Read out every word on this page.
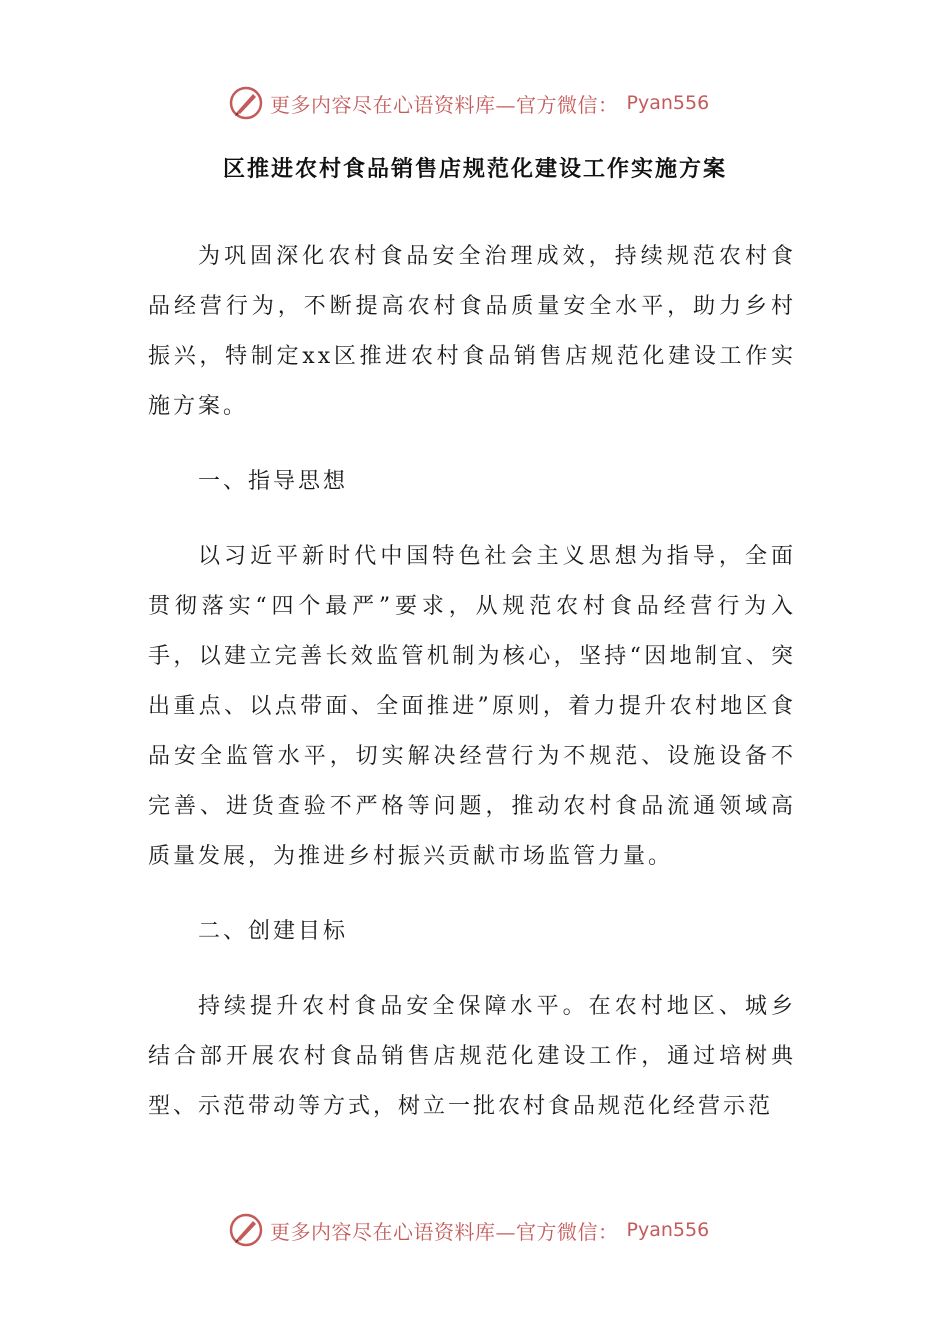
更多内容尽在心语资料库—官方微信： Pyan556
区推进农村食品销售店规范化建设工作实施方案

为巩固深化农村食品安全治理成效，持续规范农村食品经营行为，不断提高农村食品质量安全水平，助力乡村振兴，特制定xx区推进农村食品销售店规范化建设工作实施方案。

一、指导思想

以习近平新时代中国特色社会主义思想为指导，全面贯彻落实“四个最严”要求，从规范农村食品经营行为入手，以建立完善长效监管机制为核心，坚持“因地制宜、突出重点、以点带面、全面推进”原则，着力提升农村地区食品安全监管水平，切实解决经营行为不规范、设施设备不完善、进货查验不严格等问题，推动农村食品流通领域高质量发展，为推进乡村振兴贡献市场监管力量。

二、创建目标

持续提升农村食品安全保障水平。在农村地区、城乡结合部开展农村食品销售店规范化建设工作，通过培树典型、示范带动等方式，树立一批农村食品规范化经营示范

更多内容尽在心语资料库—官方微信： Pyan556
